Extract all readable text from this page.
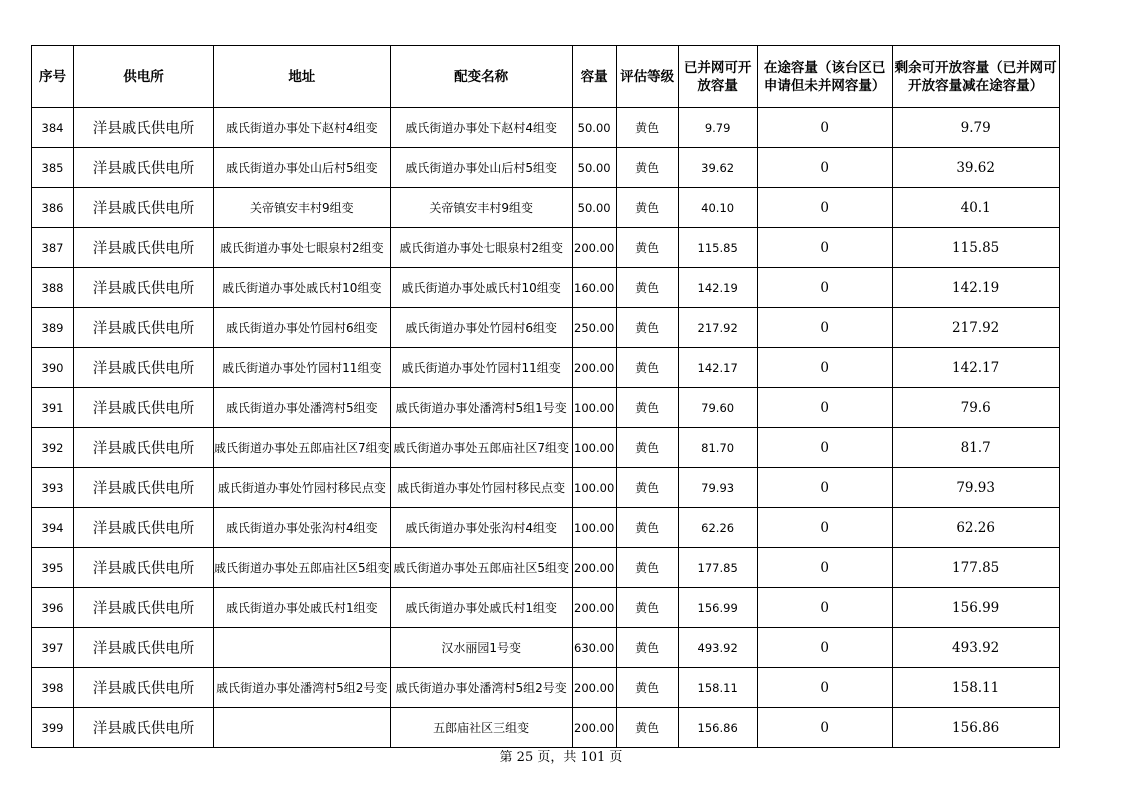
序号	供电所	地址	配变名称	容量	评估等级	已并网可开放容量	在途容量（该台区已申请但未并网容量）	剩余可开放容量（已并网可开放容量减在途容量）
384	洋县戚氏供电所	戚氏街道办事处下赵村4组变	戚氏街道办事处下赵村4组变	50.00	黄色	9.79	0	9.79
385	洋县戚氏供电所	戚氏街道办事处山后村5组变	戚氏街道办事处山后村5组变	50.00	黄色	39.62	0	39.62
386	洋县戚氏供电所	关帝镇安丰村9组变	关帝镇安丰村9组变	50.00	黄色	40.10	0	40.1
387	洋县戚氏供电所	戚氏街道办事处七眼泉村2组变	戚氏街道办事处七眼泉村2组变	200.00	黄色	115.85	0	115.85
388	洋县戚氏供电所	戚氏街道办事处戚氏村10组变	戚氏街道办事处戚氏村10组变	160.00	黄色	142.19	0	142.19
389	洋县戚氏供电所	戚氏街道办事处竹园村6组变	戚氏街道办事处竹园村6组变	250.00	黄色	217.92	0	217.92
390	洋县戚氏供电所	戚氏街道办事处竹园村11组变	戚氏街道办事处竹园村11组变	200.00	黄色	142.17	0	142.17
391	洋县戚氏供电所	戚氏街道办事处潘湾村5组变	戚氏街道办事处潘湾村5组1号变	100.00	黄色	79.60	0	79.6
392	洋县戚氏供电所	戚氏街道办事处五郎庙社区7组变	戚氏街道办事处五郎庙社区7组变	100.00	黄色	81.70	0	81.7
393	洋县戚氏供电所	戚氏街道办事处竹园村移民点变	戚氏街道办事处竹园村移民点变	100.00	黄色	79.93	0	79.93
394	洋县戚氏供电所	戚氏街道办事处张沟村4组变	戚氏街道办事处张沟村4组变	100.00	黄色	62.26	0	62.26
395	洋县戚氏供电所	戚氏街道办事处五郎庙社区5组变	戚氏街道办事处五郎庙社区5组变	200.00	黄色	177.85	0	177.85
396	洋县戚氏供电所	戚氏街道办事处戚氏村1组变	戚氏街道办事处戚氏村1组变	200.00	黄色	156.99	0	156.99
397	洋县戚氏供电所		汉水丽园1号变	630.00	黄色	493.92	0	493.92
398	洋县戚氏供电所	戚氏街道办事处潘湾村5组2号变	戚氏街道办事处潘湾村5组2号变	200.00	黄色	158.11	0	158.11
399	洋县戚氏供电所		五郎庙社区三组变	200.00	黄色	156.86	0	156.86
第 25 页，共 101 页
